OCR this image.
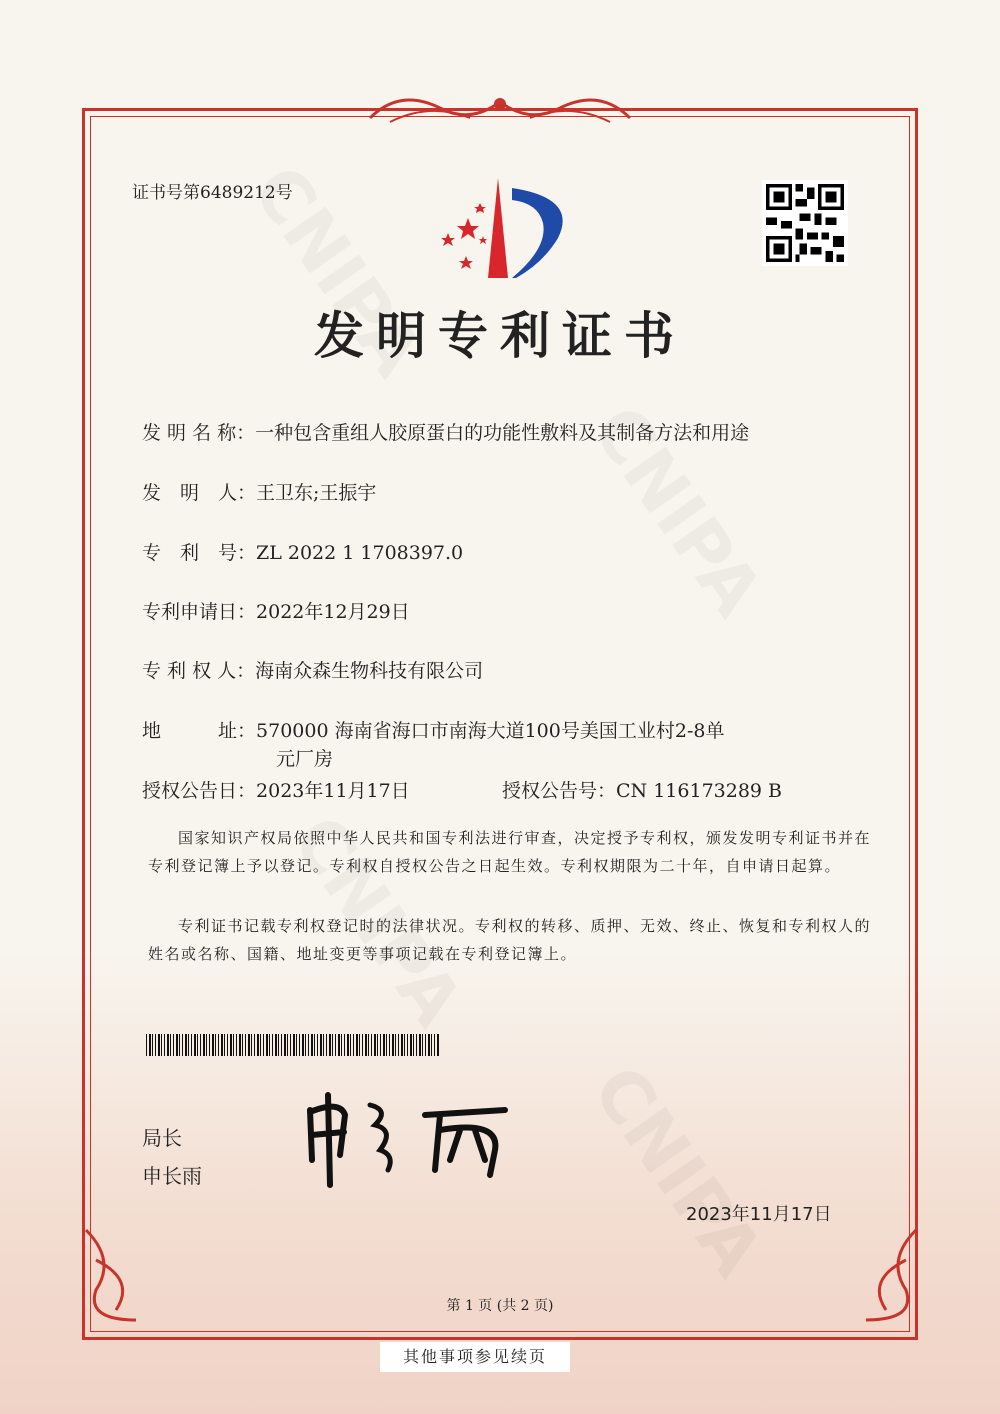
证书号第6489212号
发明专利证书
发 明 名 称：一种包含重组人胶原蛋白的功能性敷料及其制备方法和用途
发　明　人：王卫东;王振宇
专　利　号：ZL 2022 1 1708397.0
专利申请日：2022年12月29日
专 利 权 人：海南众森生物科技有限公司
地　　　址：570000 海南省海口市南海大道100号美国工业村2-8单
元厂房
授权公告日：2023年11月17日	授权公告号：CN 116173289 B
国家知识产权局依照中华人民共和国专利法进行审查，决定授予专利权，颁发发明专利证书并在专利登记簿上予以登记。专利权自授权公告之日起生效。专利权期限为二十年，自申请日起算。
专利证书记载专利权登记时的法律状况。专利权的转移、质押、无效、终止、恢复和专利权人的姓名或名称、国籍、地址变更等事项记载在专利登记簿上。
局长
申长雨
2023年11月17日
第 1 页 (共 2 页)
其他事项参见续页
